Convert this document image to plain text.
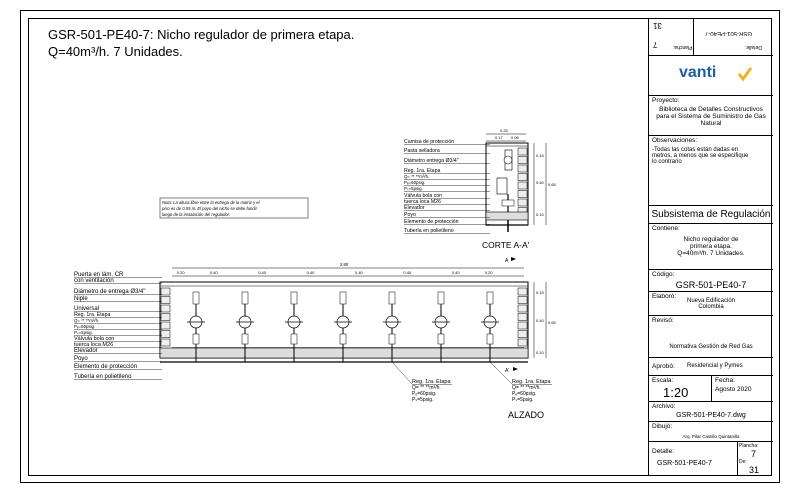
GSR-501-PE40-7: Nicho regulador de primera etapa.
Q=40m³/h. 7 Unidades.
Nota: La altura libre entre la entrega de la matriz y el
piso es de 0.55 m. El poyo del nicho se debe fundir
luego de la instalación del regulador.
0.25
0.17 0.06
0.15
0.40
0.10
0.65
Camisa de protección
Pasta selladora
Diámetro entrega Ø3/4"
Reg. 1ra. Etapa
Q= ** **m³/h.
Pₑ=60psig.
Pₛ=5psig.
Válvula bola con
tuerca loca M26
Elevador
Poyo
Elemento de protección
Tubería en polietileno
CORTE A-A'
2.80
0.20	0.40	0.40	0.40	0.40	0.40	0.40	0.20
0.15
0.40
0.10
0.65
A
A'
Puerta en lám. CR
con ventilación
Diámetro de entrega Ø3/4"
Niple
Universal
Reg. 1ra. Etapa
Q= ** **m³/h.
Pₑ=60psig.
Pₛ=5psig.
Válvula bola con
tuerca loca M26
Elevador
Poyo
Elemento de protección
Tubería en polietileno
Reg. 1ra. Etapa
Q= ** **m³/h.
Pₑ=60psig.
Pₛ=5psig.
Reg. 1ra. Etapa
Q= ** **m³/h.
Pₑ=60psig.
Pₛ=5psig.
ALZADO
31
7	Plancha:
GSR-501-PE40-7
Detalle:
vanti
Proyecto:
Biblioteca de Detalles Constructivos para el Sistema de Suministro de Gas Natural
Observaciones:
-Todas las cotas están dadas en metros, a menos que se especifique lo contrario
Subsistema de Regulación
Contiene:
Nicho regulador de primera etapa. Q=40m³/h. 7 Unidades.
Código:
GSR-501-PE40-7
Elaboró:
Nueva Edificación Colombia
Revisó:
Normativa Gestión de Red Gas
Aprobó: Residencial y Pymes
Escala:
1:20
Fecha:
Agosto 2020
Archivo:
GSR-501-PE40-7.dwg
Dibujó:
Arq. Pilar Castillo Quintanilla
Detalle:
GSR-501-PE40-7
Plancha:
7
De:
31
